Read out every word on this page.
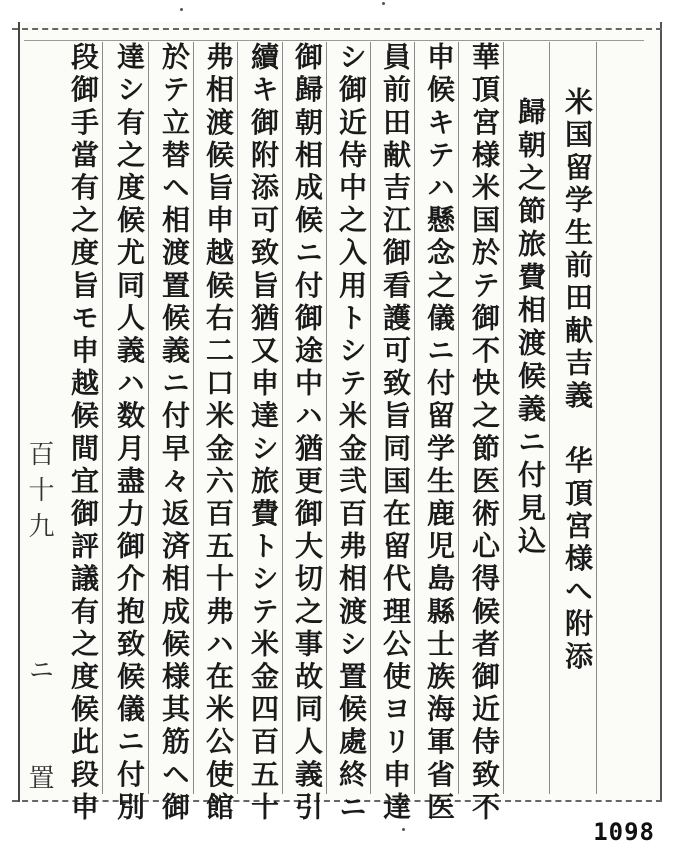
米国留学生前田献吉義　华頂宮様へ附添
歸朝之節旅費相渡候義ニ付見込
華頂宮様米国於テ御不快之節医術心得候者御近侍致不
申候キテハ懸念之儀ニ付留学生鹿児島縣士族海軍省医
員前田献吉江御看護可致旨同国在留代理公使ヨリ申達
シ御近侍中之入用トシテ米金弐百弗相渡シ置候處終ニ
御歸朝相成候ニ付御途中ハ猶更御大切之事故同人義引
續キ御附添可致旨猶又申達シ旅費トシテ米金四百五十
弗相渡候旨申越候右二口米金六百五十弗ハ在米公使館
於テ立替ヘ相渡置候義ニ付早々返済相成候様其筋ヘ御
達シ有之度候尤同人義ハ数月盡力御介抱致候儀ニ付別
段御手當有之度旨モ申越候間宜御評議有之度候此段申
百十九　　　ニ　　置
1098
